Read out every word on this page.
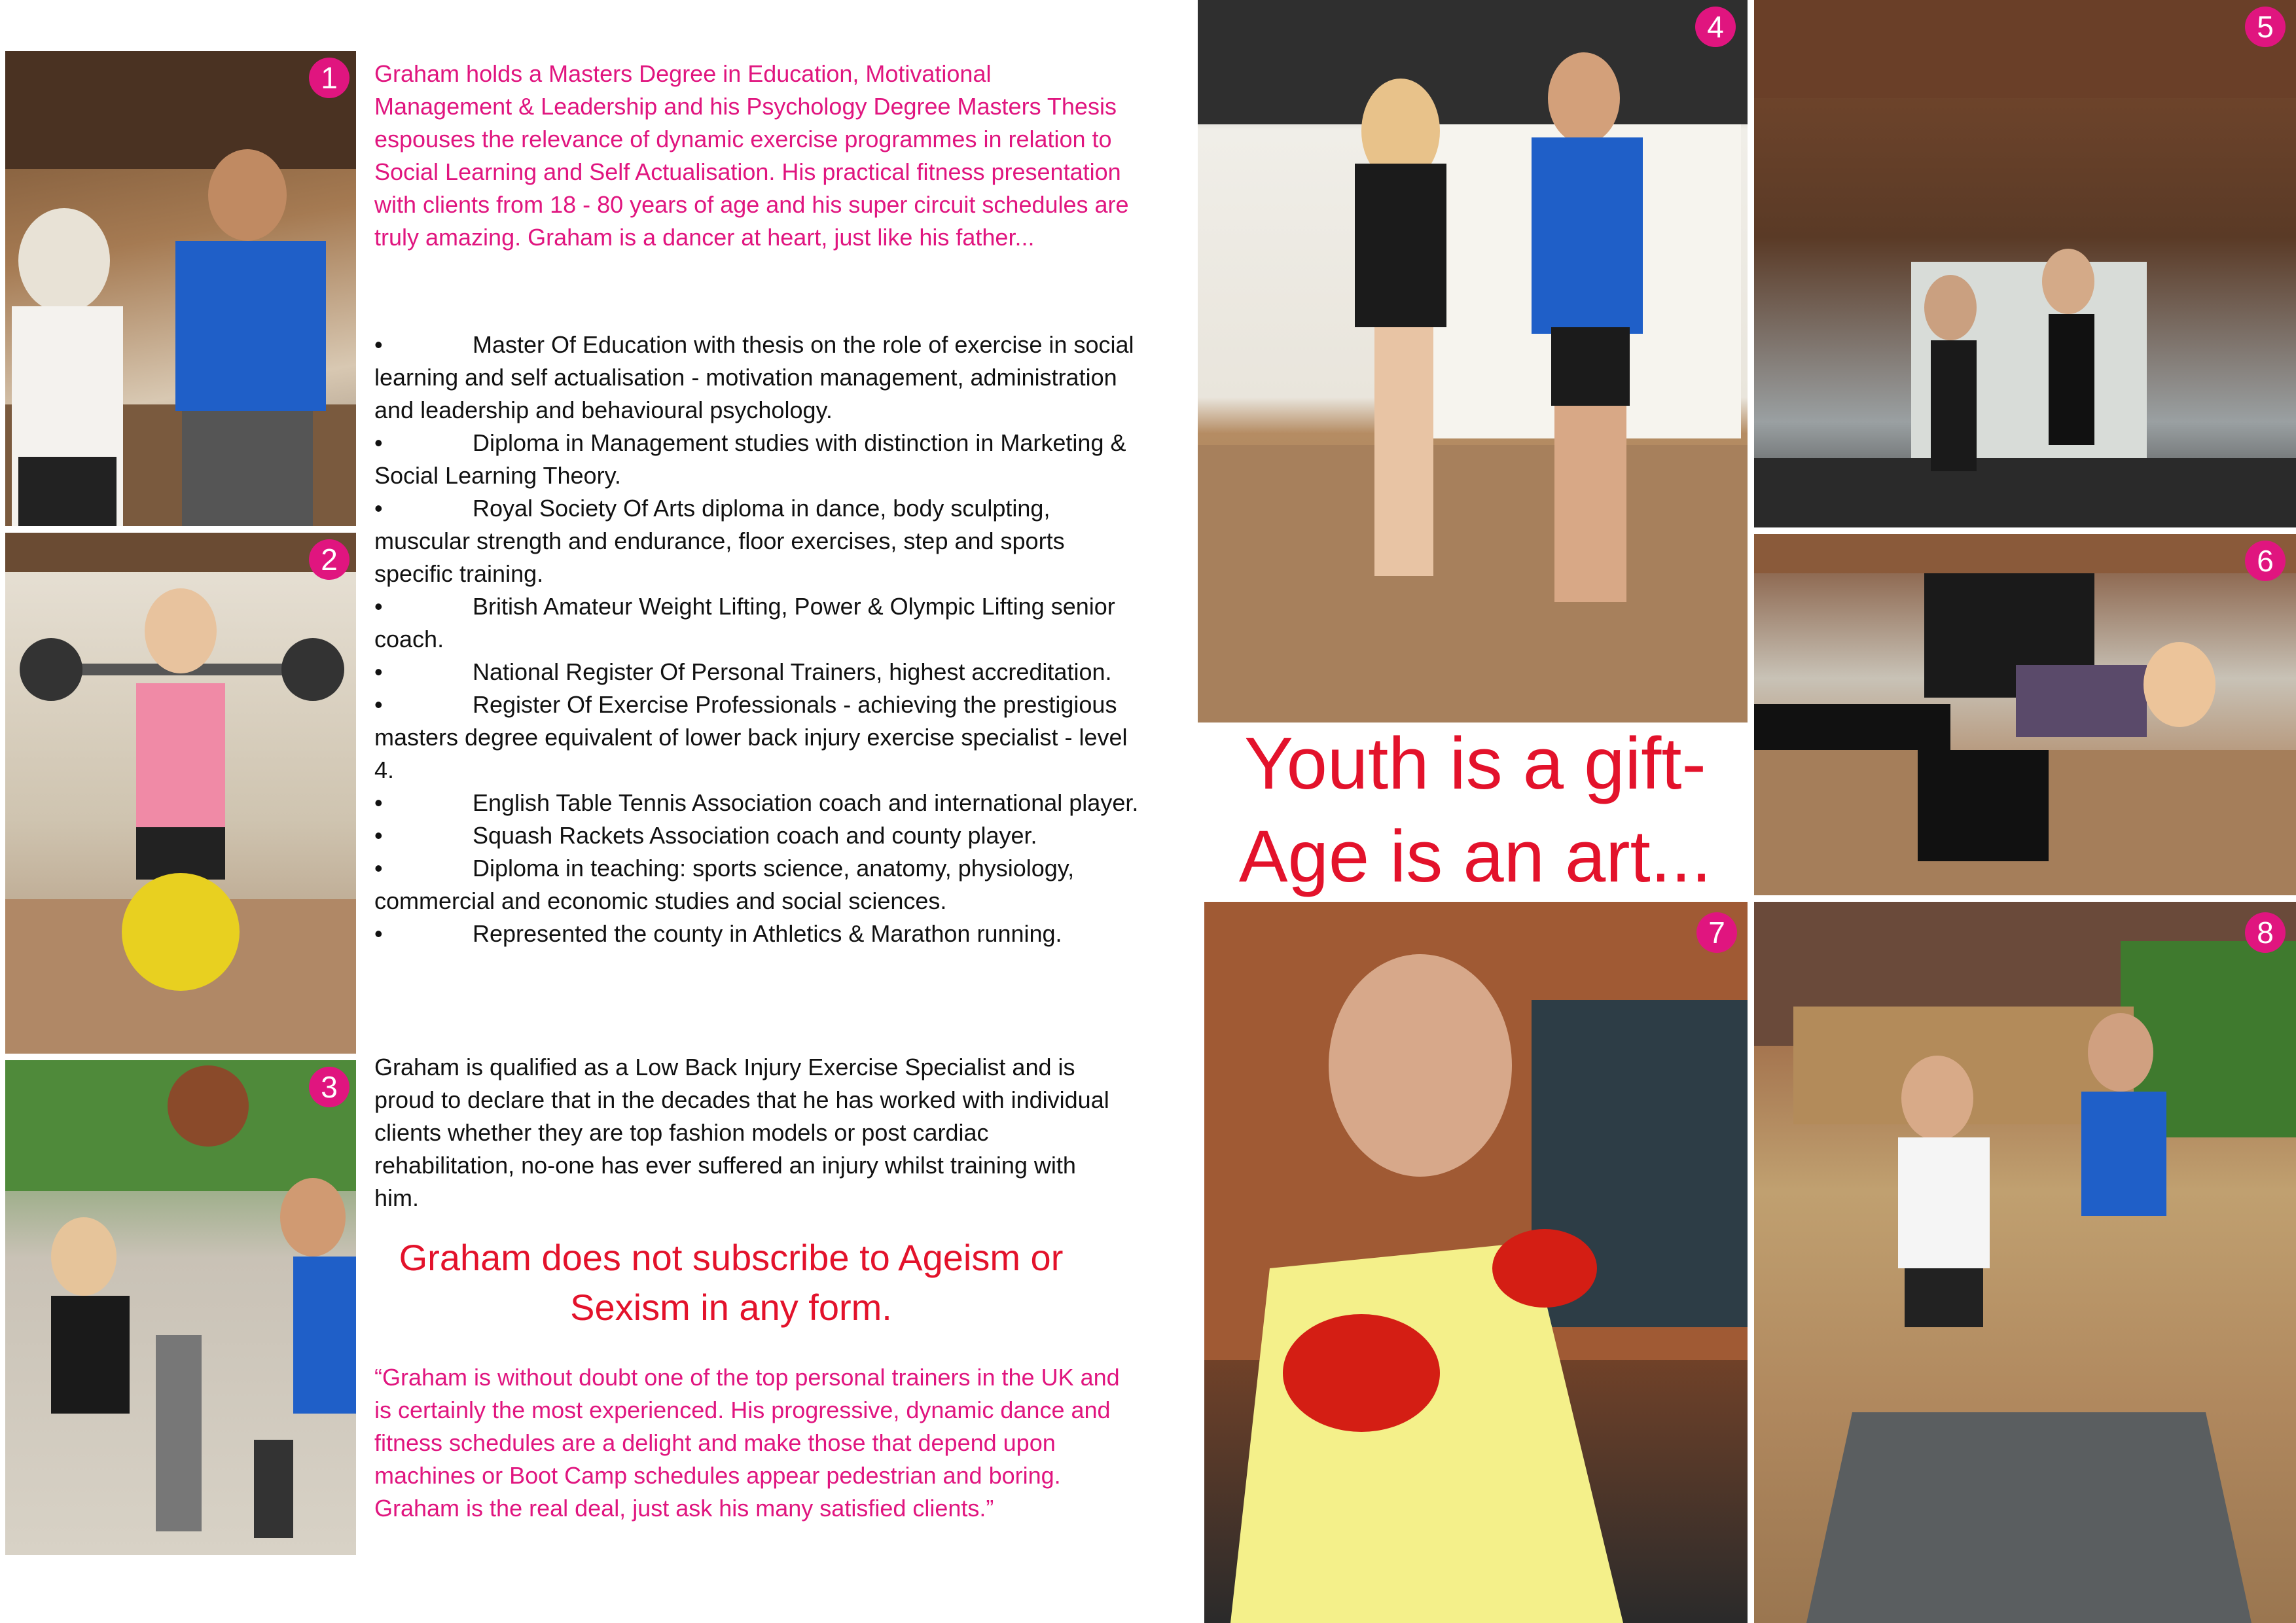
1
2
3
4	5
6
7	8

Graham holds a Masters Degree in Education, Motivational Management & Leadership and his Psychology Degree Masters Thesis espouses the relevance of dynamic exercise programmes in relation to Social Learning and Self Actualisation. His practical fitness presentation with clients from 18 - 80 years of age and his super circuit schedules are truly amazing. Graham is a dancer at heart, just like his father...

•	Master Of Education with thesis on the role of exercise in social learning and self actualisation - motivation management, administration and leadership and behavioural psychology.
•	Diploma in Management studies with distinction in Marketing & Social Learning Theory.
•	Royal Society Of Arts diploma in dance, body sculpting, muscular strength and endurance, floor exercises, step and sports specific training.
•	British Amateur Weight Lifting, Power & Olympic Lifting senior coach.
•	National Register Of Personal Trainers, highest accreditation.
•	Register Of Exercise Professionals - achieving the prestigious masters degree equivalent of lower back injury exercise specialist - level 4.
•	English Table Tennis Association coach and international player.
•	Squash Rackets Association coach and county player.
•	Diploma in teaching: sports science, anatomy, physiology, commercial and economic studies and social sciences.
•	Represented the county in Athletics & Marathon running.

Graham is qualified as a Low Back Injury Exercise Specialist and is proud to declare that in the decades that he has worked with individual clients whether they are top fashion models or post cardiac rehabilitation, no-one has ever suffered an injury whilst training with him.

Graham does not subscribe to Ageism or Sexism in any form.

“Graham is without doubt one of the top personal trainers in the UK and is certainly the most experienced. His progressive, dynamic dance and fitness schedules are a delight and make those that depend upon machines or Boot Camp schedules appear pedestrian and boring. Graham is the real deal, just ask his many satisfied clients.”

Youth is a gift-
Age is an art...
